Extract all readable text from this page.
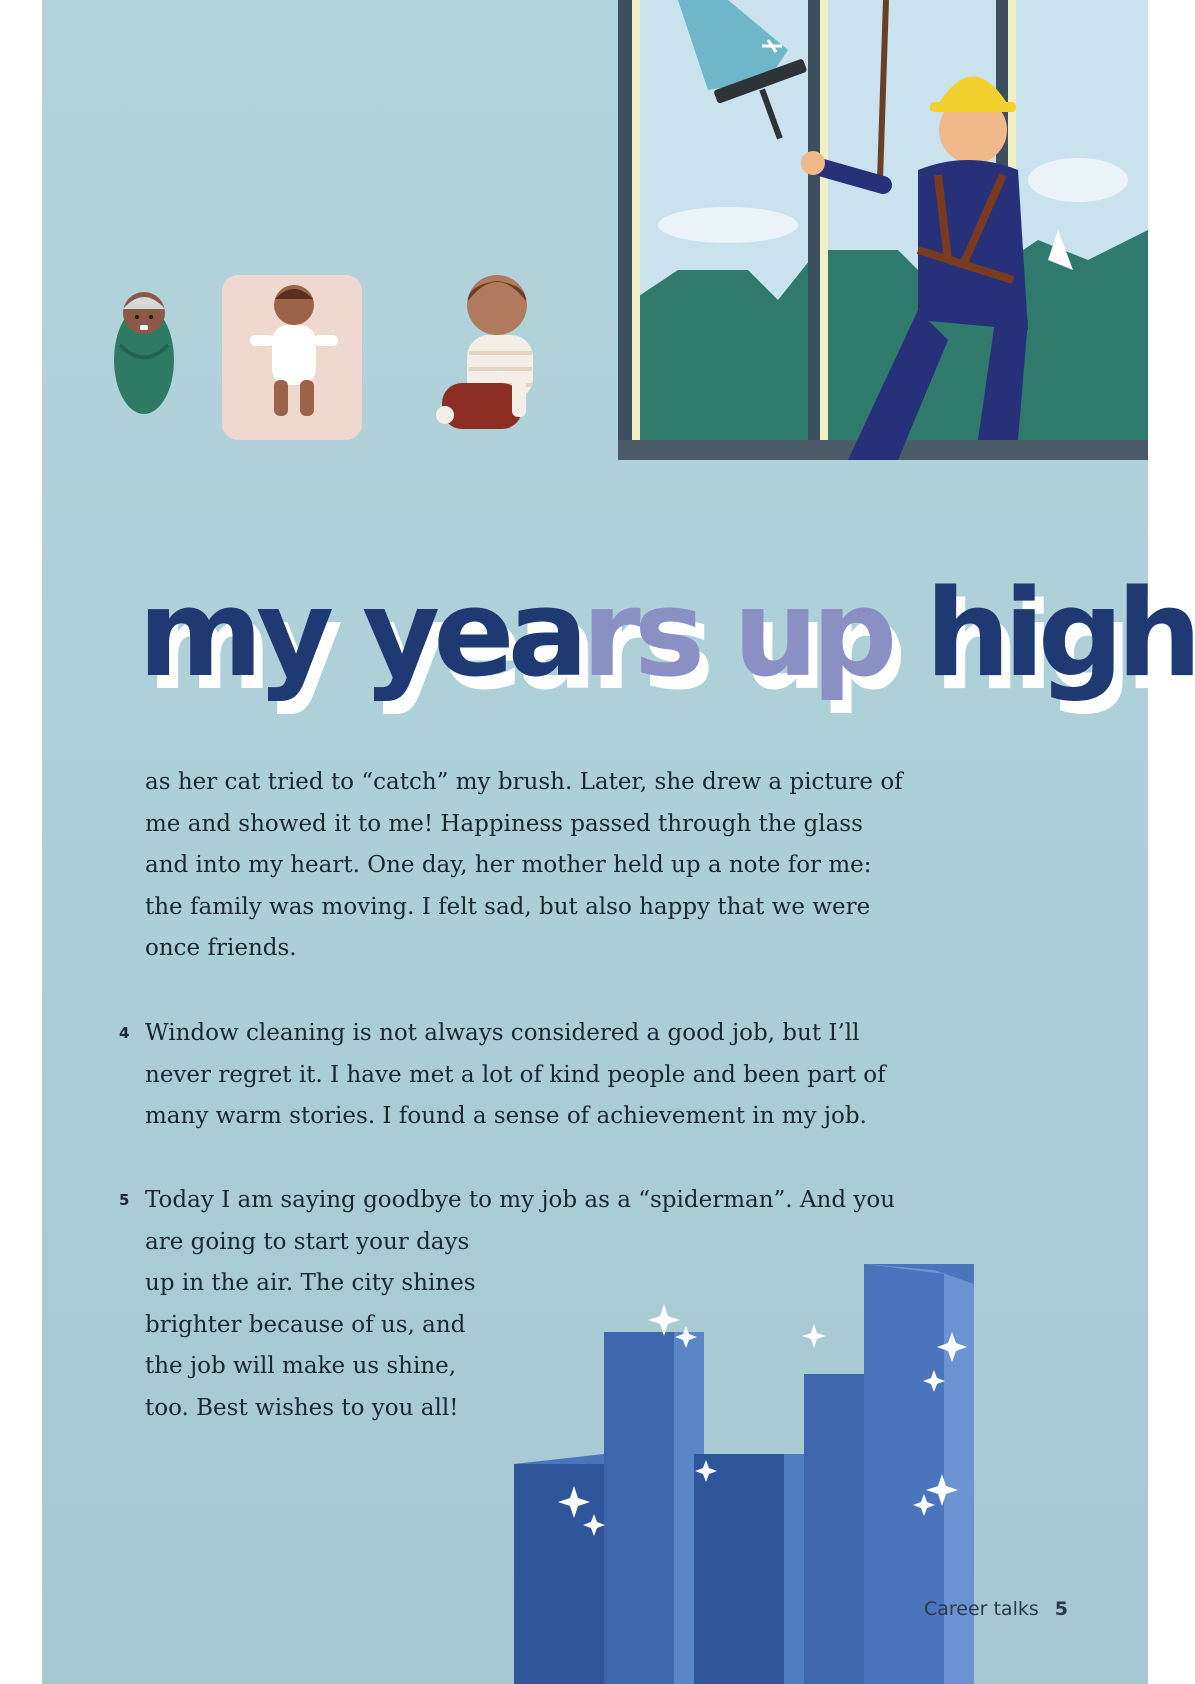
my years up high

as her cat tried to “catch” my brush. Later, she drew a picture of me and showed it to me! Happiness passed through the glass and into my heart. One day, her mother held up a note for me: the family was moving. I felt sad, but also happy that we were once friends.

4 Window cleaning is not always considered a good job, but I’ll never regret it. I have met a lot of kind people and been part of many warm stories. I found a sense of achievement in my job.

5 Today I am saying goodbye to my job as a “spiderman”. And you
are going to start your days up in the air. The city shines brighter because of us, and the job will make us shine, too. Best wishes to you all!

Career talks 5
